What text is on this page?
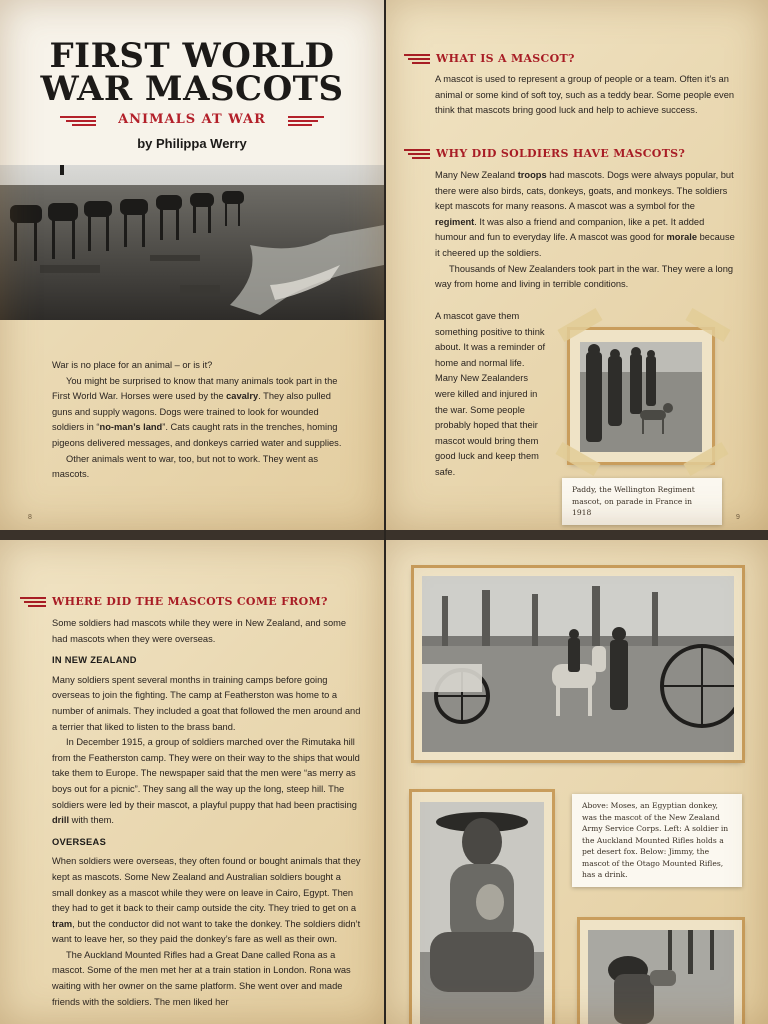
FIRST WORLD WAR MASCOTS
ANIMALS AT WAR
by Philippa Werry

War is no place for an animal – or is it?

You might be surprised to know that many animals took part in the First World War. Horses were used by the cavalry. They also pulled guns and supply wagons. Dogs were trained to look for wounded soldiers in “no-man’s land”. Cats caught rats in the trenches, homing pigeons delivered messages, and donkeys carried water and supplies.

Other animals went to war, too, but not to work. They went as mascots.

8
WHAT IS A MASCOT?
A mascot is used to represent a group of people or a team. Often it’s an animal or some kind of soft toy, such as a teddy bear. Some people even think that mascots bring good luck and help to achieve success.
WHY DID SOLDIERS HAVE MASCOTS?

Many New Zealand troops had mascots. Dogs were always popular, but there were also birds, cats, donkeys, goats, and monkeys. The soldiers kept mascots for many reasons. A mascot was a symbol for the regiment. It was also a friend and companion, like a pet. It added humour and fun to everyday life. A mascot was good for morale because it cheered up the soldiers.

Thousands of New Zealanders took part in the war. They were a long way from home and living in terrible conditions.

A mascot gave them something positive to think about. It was a reminder of home and normal life. Many New Zealanders were killed and injured in the war. Some people probably hoped that their mascot would bring them good luck and keep them safe.
Paddy, the Wellington Regiment mascot, on parade in France in 1918
9
WHERE DID THE MASCOTS COME FROM?

Some soldiers had mascots while they were in New Zealand, and some had mascots when they were overseas.

IN NEW ZEALAND

Many soldiers spent several months in training camps before going overseas to join the fighting. The camp at Featherston was home to a number of animals. They included a goat that followed the men around and a terrier that liked to listen to the brass band.

In December 1915, a group of soldiers marched over the Rimutaka hill from the Featherston camp. They were on their way to the ships that would take them to Europe. The newspaper said that the men were “as merry as boys out for a picnic”. They sang all the way up the long, steep hill. The soldiers were led by their mascot, a playful puppy that had been practising drill with them.

OVERSEAS

When soldiers were overseas, they often found or bought animals that they kept as mascots. Some New Zealand and Australian soldiers bought a small donkey as a mascot while they were on leave in Cairo, Egypt. Then they had to get it back to their camp outside the city. They tried to get on a tram, but the conductor did not want to take the donkey. The soldiers didn’t want to leave her, so they paid the donkey’s fare as well as their own.

The Auckland Mounted Rifles had a Great Dane called Rona as a mascot. Some of the men met her at a train station in London. Rona was waiting with her owner on the same platform. She went over and made friends with the soldiers. The men liked her

Above: Moses, an Egyptian donkey, was the mascot of the New Zealand Army Service Corps. Left: A soldier in the Auckland Mounted Rifles holds a pet desert fox. Below: Jimmy, the mascot of the Otago Mounted Rifles, has a drink.
